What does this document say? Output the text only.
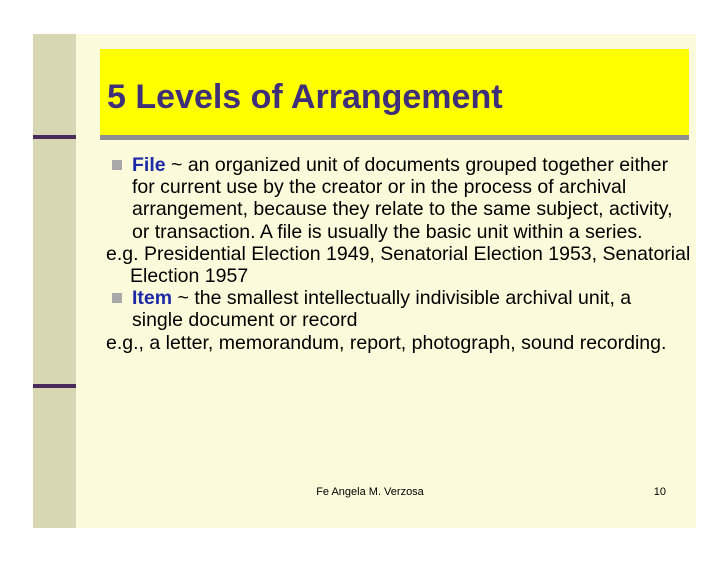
5 Levels of Arrangement

File ~ an organized unit of documents grouped together either for current use by the creator or in the process of archival arrangement, because they relate to the same subject, activity, or transaction. A file is usually the basic unit within a series.

e.g. Presidential Election 1949, Senatorial Election 1953, Senatorial Election 1957

Item ~ the smallest intellectually indivisible archival unit, a single document or record

e.g., a letter, memorandum, report, photograph, sound recording.

Fe Angela M. Verzosa	10
